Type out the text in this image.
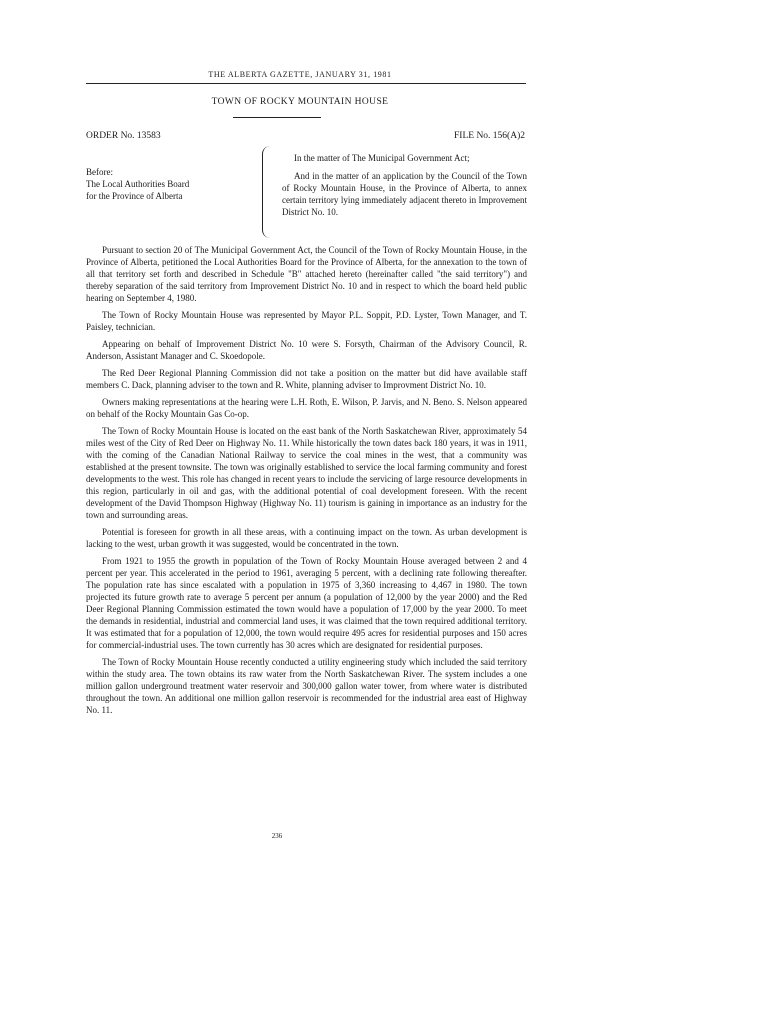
THE ALBERTA GAZETTE, JANUARY 31, 1981
TOWN OF ROCKY MOUNTAIN HOUSE
ORDER No. 13583	FILE No. 156(A)2
Before:
The Local Authorities Board
for the Province of Alberta

In the matter of The Municipal Government Act;

And in the matter of an application by the Council of the Town of Rocky Mountain House, in the Province of Alberta, to annex certain territory lying immediately adjacent thereto in Improvement District No. 10.

Pursuant to section 20 of The Municipal Government Act, the Council of the Town of Rocky Mountain House, in the Province of Alberta, petitioned the Local Authorities Board for the Province of Alberta, for the annexation to the town of all that territory set forth and described in Schedule "B" attached hereto (hereinafter called "the said territory") and thereby separation of the said territory from Improvement District No. 10 and in respect to which the board held public hearing on September 4, 1980.

The Town of Rocky Mountain House was represented by Mayor P.L. Soppit, P.D. Lyster, Town Manager, and T. Paisley, technician.

Appearing on behalf of Improvement District No. 10 were S. Forsyth, Chairman of the Advisory Council, R. Anderson, Assistant Manager and C. Skoedopole.

The Red Deer Regional Planning Commission did not take a position on the matter but did have available staff members C. Dack, planning adviser to the town and R. White, planning adviser to Improvment District No. 10.

Owners making representations at the hearing were L.H. Roth, E. Wilson, P. Jarvis, and N. Beno. S. Nelson appeared on behalf of the Rocky Mountain Gas Co-op.

The Town of Rocky Mountain House is located on the east bank of the North Saskatchewan River, approximately 54 miles west of the City of Red Deer on Highway No. 11. While historically the town dates back 180 years, it was in 1911, with the coming of the Canadian National Railway to service the coal mines in the west, that a community was established at the present townsite. The town was originally established to service the local farming community and forest developments to the west. This role has changed in recent years to include the servicing of large resource developments in this region, particularly in oil and gas, with the additional potential of coal development foreseen. With the recent development of the David Thompson Highway (Highway No. 11) tourism is gaining in importance as an industry for the town and surrounding areas.

Potential is foreseen for growth in all these areas, with a continuing impact on the town. As urban development is lacking to the west, urban growth it was suggested, would be concentrated in the town.

From 1921 to 1955 the growth in population of the Town of Rocky Mountain House averaged between 2 and 4 percent per year. This accelerated in the period to 1961, averaging 5 percent, with a declining rate following thereafter. The population rate has since escalated with a population in 1975 of 3,360 increasing to 4,467 in 1980. The town projected its future growth rate to average 5 percent per annum (a population of 12,000 by the year 2000) and the Red Deer Regional Planning Commission estimated the town would have a population of 17,000 by the year 2000. To meet the demands in residential, industrial and commercial land uses, it was claimed that the town required additional territory. It was estimated that for a population of 12,000, the town would require 495 acres for residential purposes and 150 acres for commercial-industrial uses. The town currently has 30 acres which are designated for residential purposes.

The Town of Rocky Mountain House recently conducted a utility engineering study which included the said territory within the study area. The town obtains its raw water from the North Saskatchewan River. The system includes a one million gallon underground treatment water reservoir and 300,000 gallon water tower, from where water is distributed throughout the town. An additional one million gallon reservoir is recommended for the industrial area east of Highway No. 11.

236
